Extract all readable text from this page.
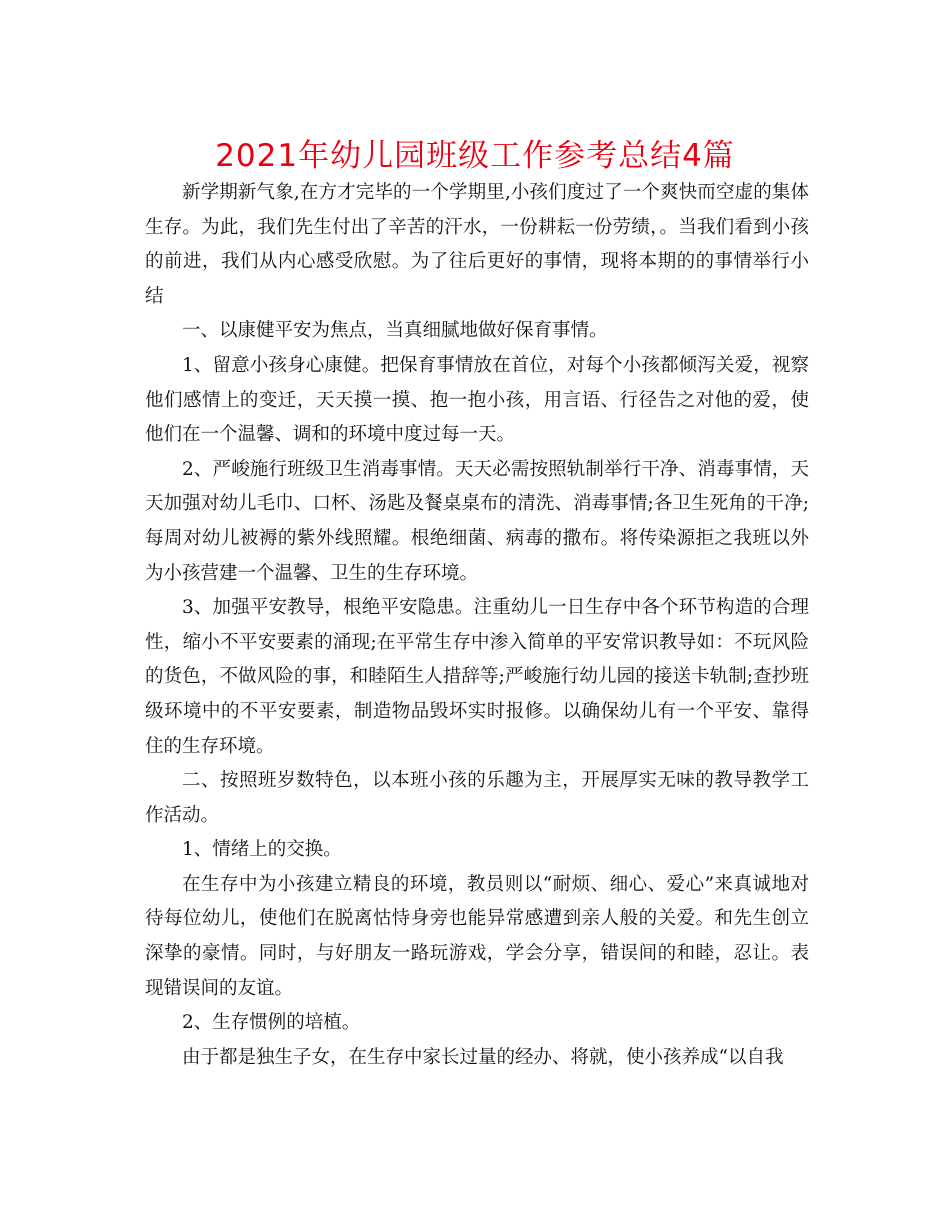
2021年幼儿园班级工作参考总结4篇

新学期新气象,在方才完毕的一个学期里,小孩们度过了一个爽快而空虚的集体生存。为此，我们先生付出了辛苦的汗水，一份耕耘一份劳绩，。当我们看到小孩的前进，我们从内心感受欣慰。为了往后更好的事情，现将本期的的事情举行小结

一、以康健平安为焦点，当真细腻地做好保育事情。

1、留意小孩身心康健。把保育事情放在首位，对每个小孩都倾泻关爱，视察他们感情上的变迁，天天摸一摸、抱一抱小孩，用言语、行径告之对他的爱，使他们在一个温馨、调和的环境中度过每一天。

2、严峻施行班级卫生消毒事情。天天必需按照轨制举行干净、消毒事情，天天加强对幼儿毛巾、口杯、汤匙及餐桌桌布的清洗、消毒事情;各卫生死角的干净;每周对幼儿被褥的紫外线照耀。根绝细菌、病毒的撒布。将传染源拒之我班以外为小孩营建一个温馨、卫生的生存环境。

3、加强平安教导，根绝平安隐患。注重幼儿一日生存中各个环节构造的合理性，缩小不平安要素的涌现;在平常生存中渗入简单的平安常识教导如：不玩风险的货色，不做风险的事，和睦陌生人措辞等;严峻施行幼儿园的接送卡轨制;查抄班级环境中的不平安要素，制造物品毁坏实时报修。以确保幼儿有一个平安、靠得住的生存环境。

二、按照班岁数特色，以本班小孩的乐趣为主，开展厚实无味的教导教学工作活动。

1、情绪上的交换。

在生存中为小孩建立精良的环境，教员则以“耐烦、细心、爱心”来真诚地对待每位幼儿，使他们在脱离怙恃身旁也能异常感遭到亲人般的关爱。和先生创立深挚的豪情。同时，与好朋友一路玩游戏，学会分享，错误间的和睦，忍让。表现错误间的友谊。

2、生存惯例的培植。

由于都是独生子女，在生存中家长过量的经办、将就，使小孩养成“以自我
